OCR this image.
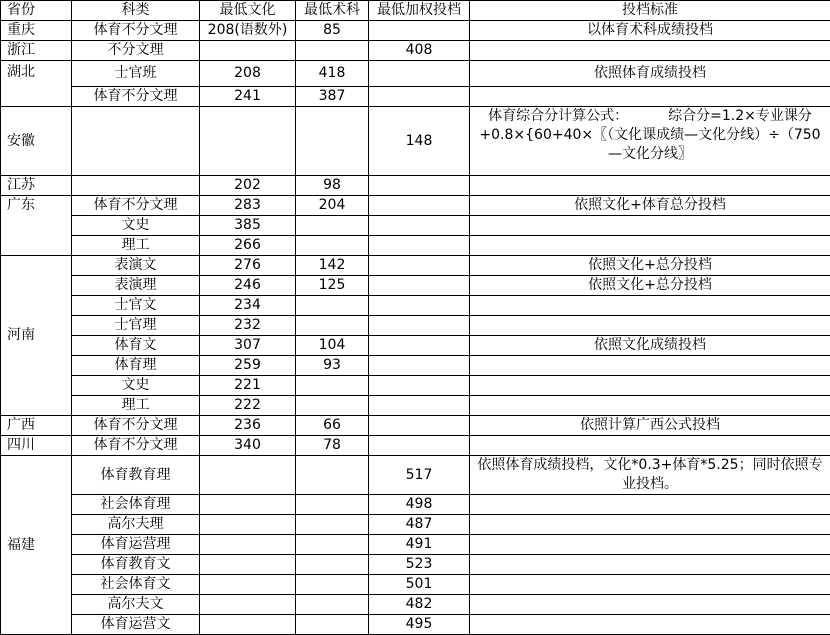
省份	科类	最低文化	最低术科	最低加权投档	投档标准
重庆	体育不分文理	208(语数外)	85		以体育术科成绩投档
浙江	不分文理			408	
湖北	士官班	208	418		依照体育成绩投档
	体育不分文理	241	387		
安徽				148	体育综合分计算公式： 综合分=1.2×专业课分+0.8×{60+40×〖（文化课成绩—文化分线）÷（750—文化分线〗
江苏		202	98		
广东	体育不分文理	283	204		依照文化+体育总分投档
	文史	385			
	理工	266			
河南	表演文	276	142		依照文化+总分投档
	表演理	246	125		依照文化+总分投档
	士官文	234			
	士官理	232			
	体育文	307	104		依照文化成绩投档
	体育理	259	93		
	文史	221			
	理工	222			
广西	体育不分文理	236	66		依照计算广西公式投档
四川	体育不分文理	340	78		
福建	体育教育理			517	依照体育成绩投档，文化*0.3+体育*5.25；同时依照专业投档。
	社会体育理			498	
	高尔夫理			487	
	体育运营理			491	
	体育教育文			523	
	社会体育文			501	
	高尔夫文			482	
	体育运营文			495	
